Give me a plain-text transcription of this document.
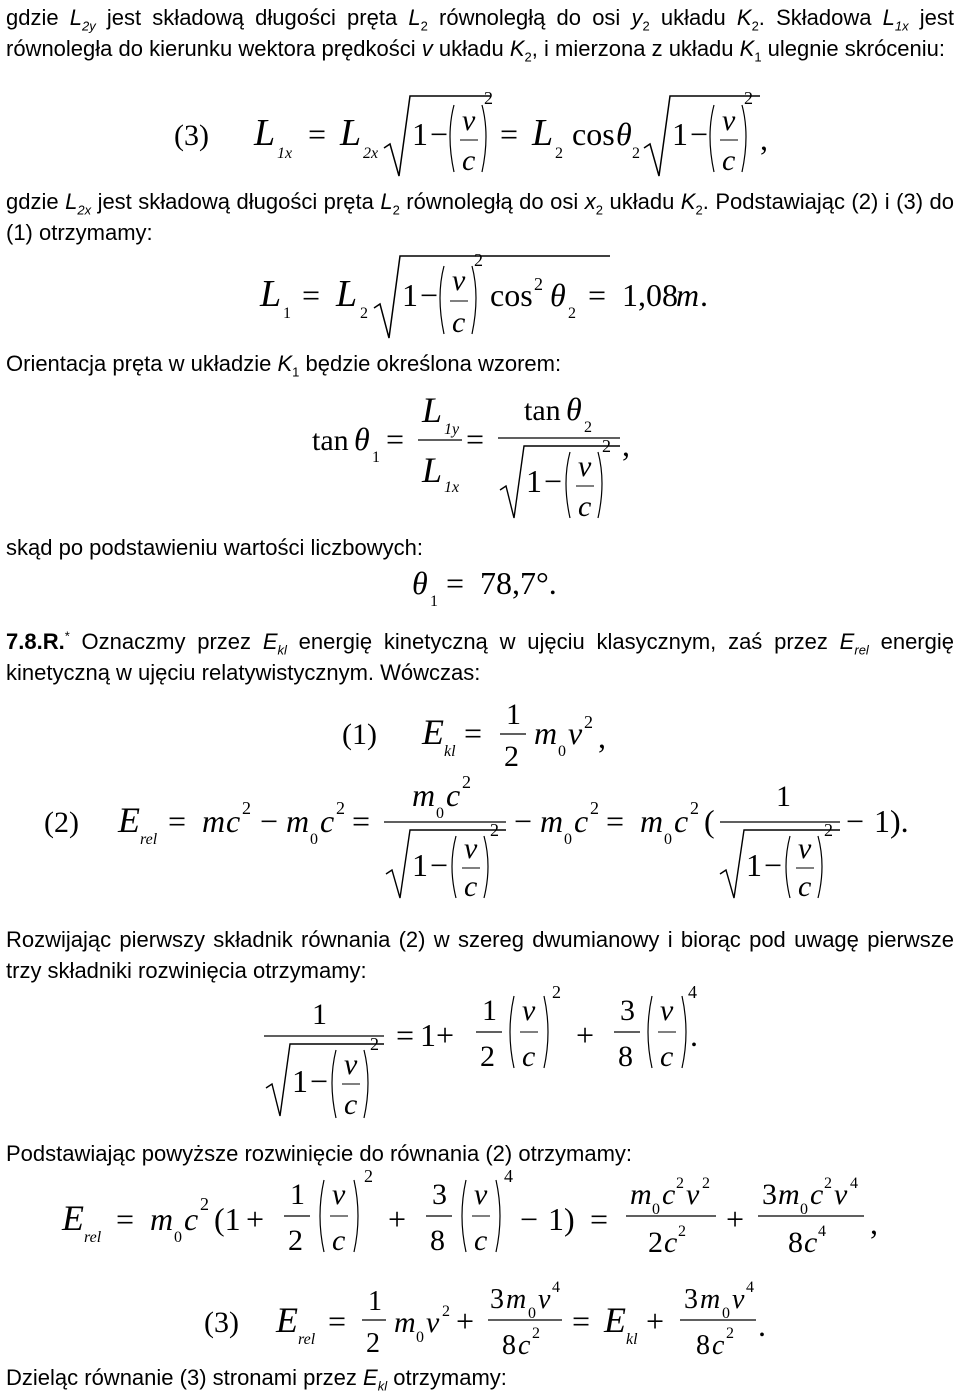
gdzie $L_{2y}$ jest składową długości pręta $L_2$ równoległą do osi $y_2$ układu $K_2$. Składowa $L_{1x}$ jest równoległa do kierunku wektora prędkości v układu $K_2$, i mierzona z układu $K_1$ ulegnie skróceniu:
(3) L 1x
= L 2x
1 − v
c
2
= L 2
cos θ
2
1 − v
c
2
,
gdzie $L_{2x}$ jest składową długości pręta $L_2$ równoległą do osi $x_2$ układu $K_2$. Podstawiając (2) i (3) do (1) otrzymamy:
L 1
= L 2
1 − v
c
2
cos 2 θ
2
= 1,08
m .
Orientacja pręta w układzie $K_1$ będzie określona wzorem:
tan θ
1
=
L 1y
L 1x
=
tan θ
2
1 − v
c
2 ,
skąd po podstawieniu wartości liczbowych:
θ
1
= 78,7°.
7.8.R.* Oznaczmy przez $E_{kl}$ energię kinetyczną w ujęciu klasycznym, zaś przez $E_{rel}$ energię kinetyczną w ujęciu relatywistycznym. Wówczas:
(1) E kl
=
1
2
m
0
v 2 ,
(2) E rel
= m c 2 − m
0
c 2 =
m
0
c 2
1 − v
c
2 − m
0
c 2 = m
0
c 2 (
1
1 − v
c
2 − 1).
Rozwijając pierwszy składnik równania (2) w szereg dwumianowy i biorąc pod uwagę pierwsze trzy składniki rozwinięcia otrzymamy:
1
1 − v
c
2 = 1 +
1
2
v
c
2
+
3
8
v
c
4
.
Podstawiając powyższe rozwinięcie do równania (2) otrzymamy:
E rel
= m
0
c 2 (1 +
1
2
v
c
2
+
3
8
v
c
4
− 1) =
m 0 c 2 v 2
2 c 2 +
3 m 0 c 2 v 4
8 c 4 ,
(3) E rel
=
1
2
m 0 v 2 +
3 m 0 v 4
8 c 2 = E kl
+
3 m 0 v 4
8 c 2 .
Dzieląc równanie (3) stronami przez $E_{kl}$ otrzymamy:
